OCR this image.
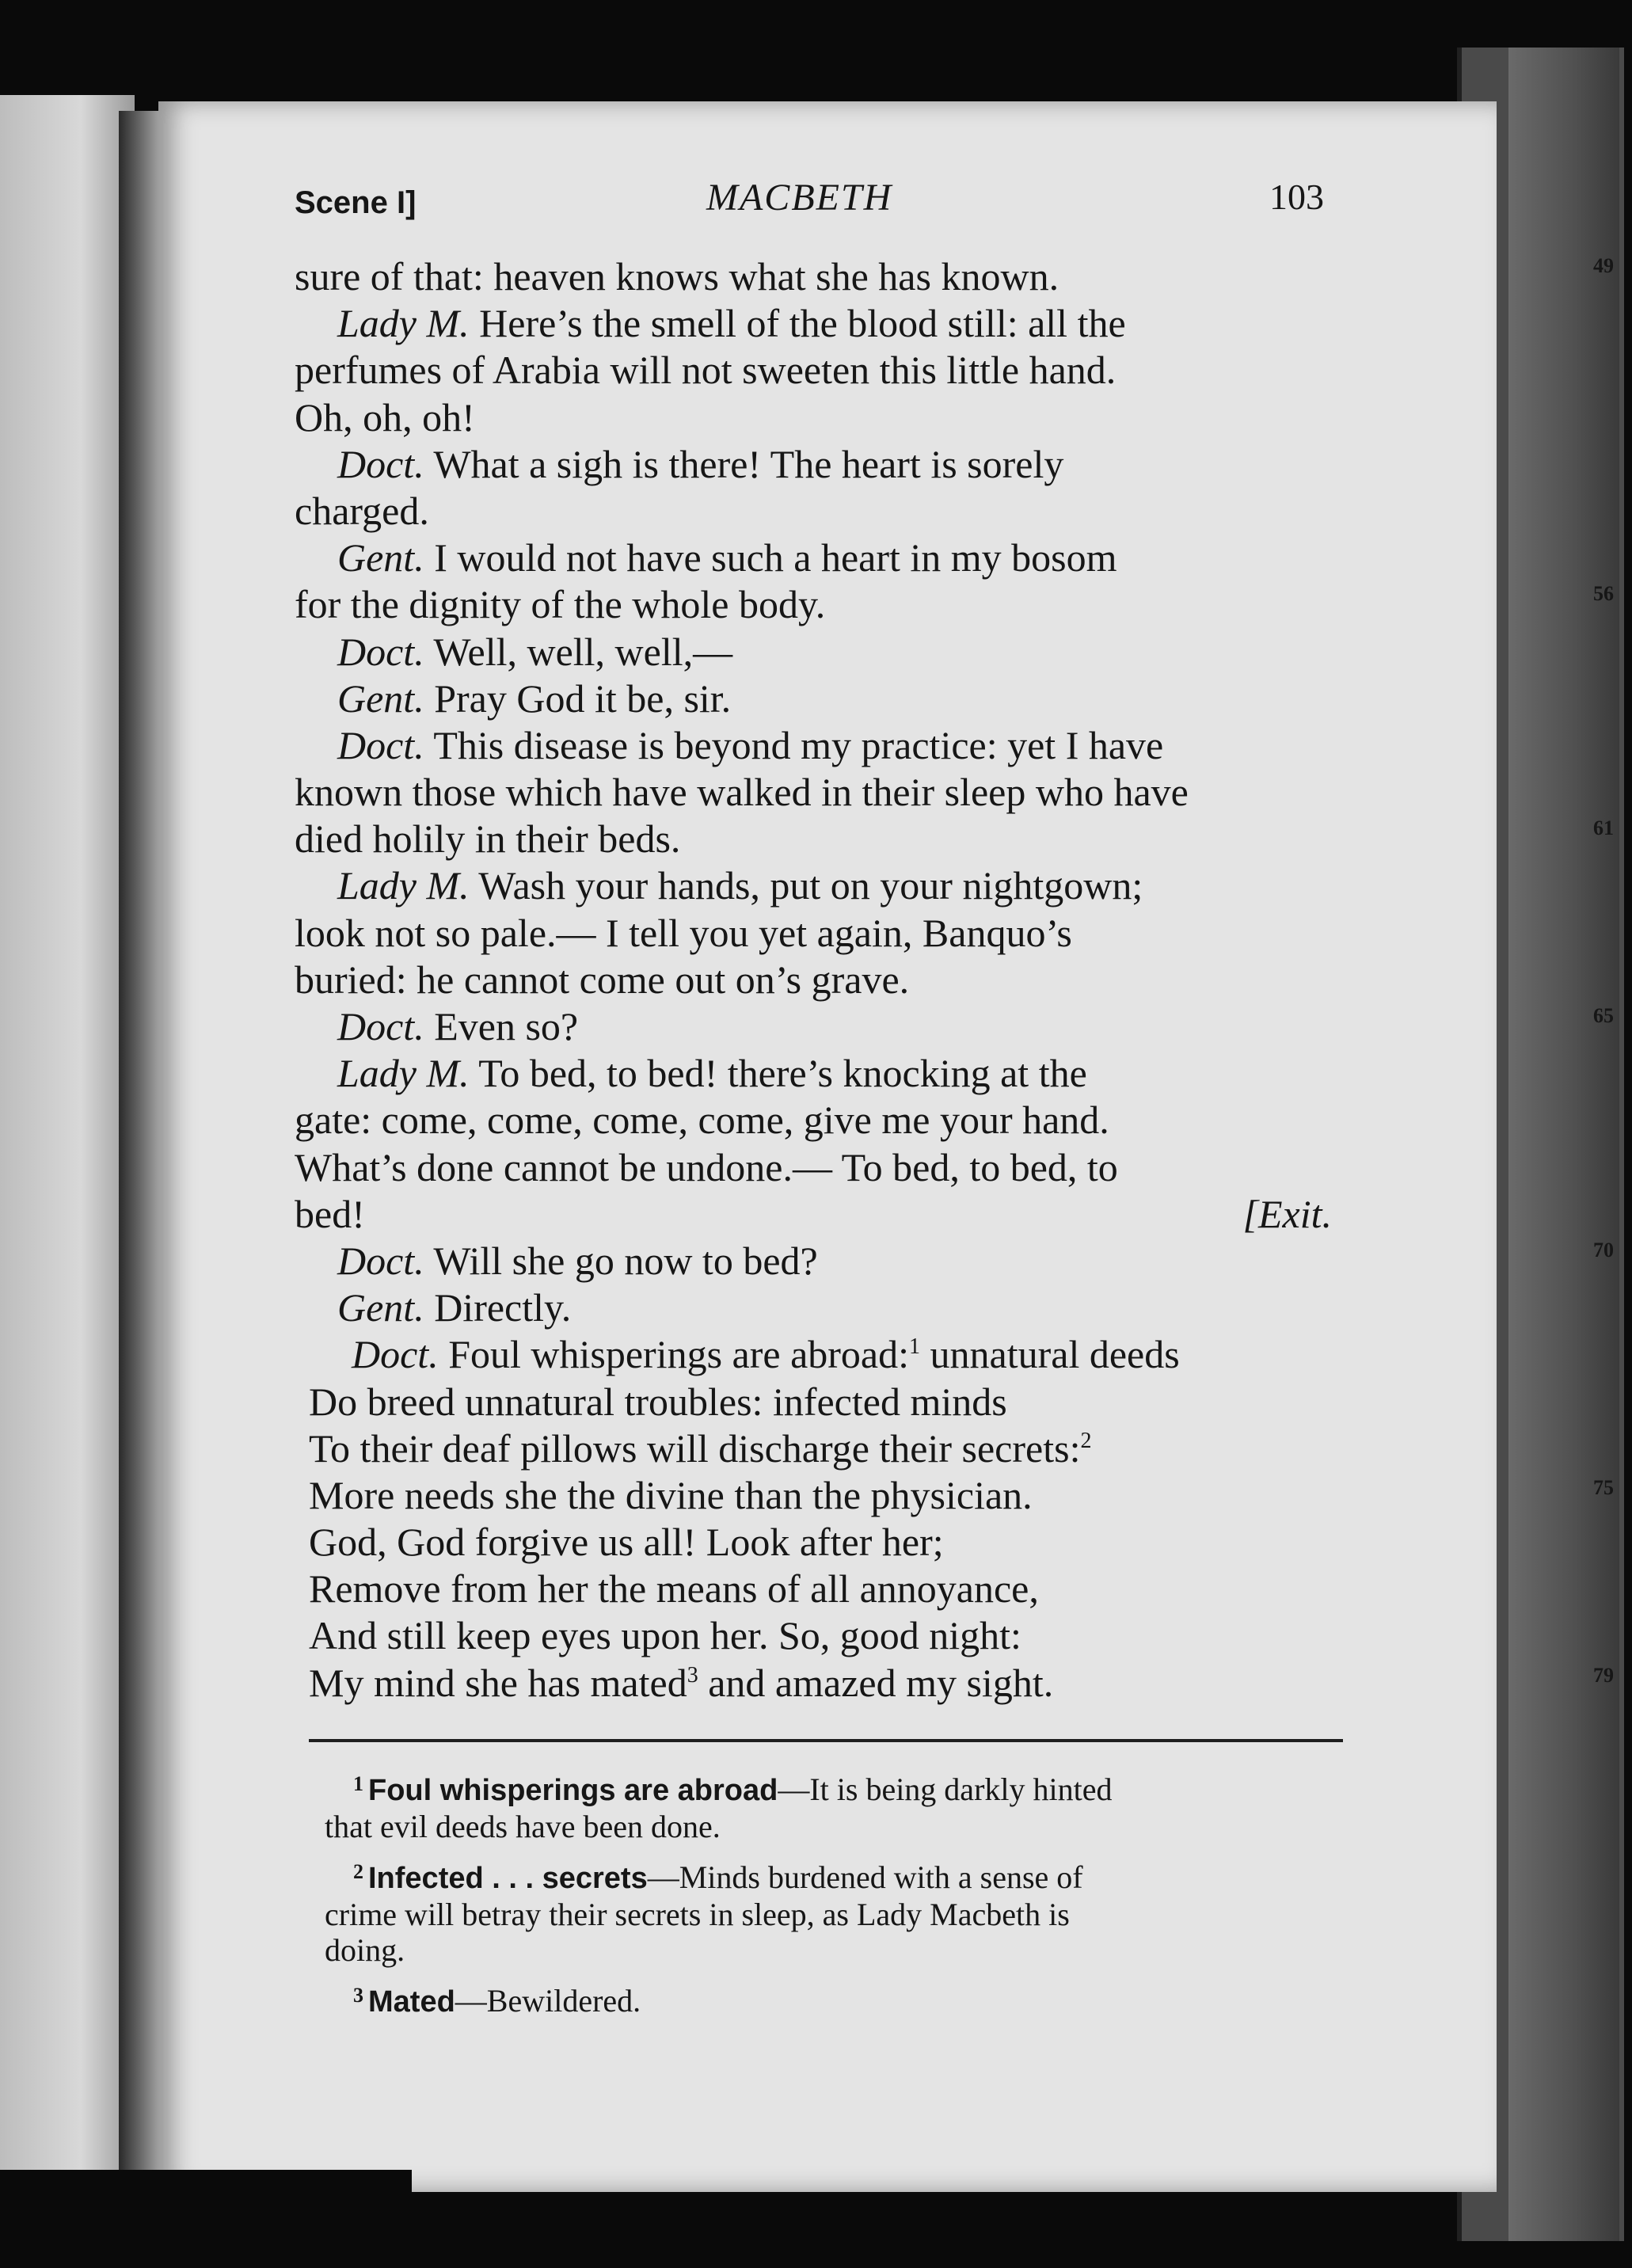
Scene I]	MACBETH	103
sure of that: heaven knows what she has known.	49
Lady M. Here’s the smell of the blood still: all the
perfumes of Arabia will not sweeten this little hand.
Oh, oh, oh!
Doct. What a sigh is there! The heart is sorely
charged.
Gent. I would not have such a heart in my bosom
for the dignity of the whole body.	56
Doct. Well, well, well,—
Gent. Pray God it be, sir.
Doct. This disease is beyond my practice: yet I have
known those which have walked in their sleep who have
died holily in their beds.	61
Lady M. Wash your hands, put on your nightgown;
look not so pale.— I tell you yet again, Banquo’s
buried: he cannot come out on’s grave.
Doct. Even so?	65
Lady M. To bed, to bed! there’s knocking at the
gate: come, come, come, come, give me your hand.
What’s done cannot be undone.— To bed, to bed, to
bed!	[Exit.
Doct. Will she go now to bed?	70
Gent. Directly.
Doct. Foul whisperings are abroad:$^1$ unnatural deeds
Do breed unnatural troubles: infected minds
To their deaf pillows will discharge their secrets:$^2$
More needs she the divine than the physician.	75
God, God forgive us all! Look after her;
Remove from her the means of all annoyance,
And still keep eyes upon her. So, good night:
My mind she has mated$^3$ and amazed my sight.	79
$^1$ Foul whisperings are abroad—It is being darkly hinted
that evil deeds have been done.
$^2$ Infected . . . secrets—Minds burdened with a sense of
crime will betray their secrets in sleep, as Lady Macbeth is
doing.
$^3$ Mated—Bewildered.
